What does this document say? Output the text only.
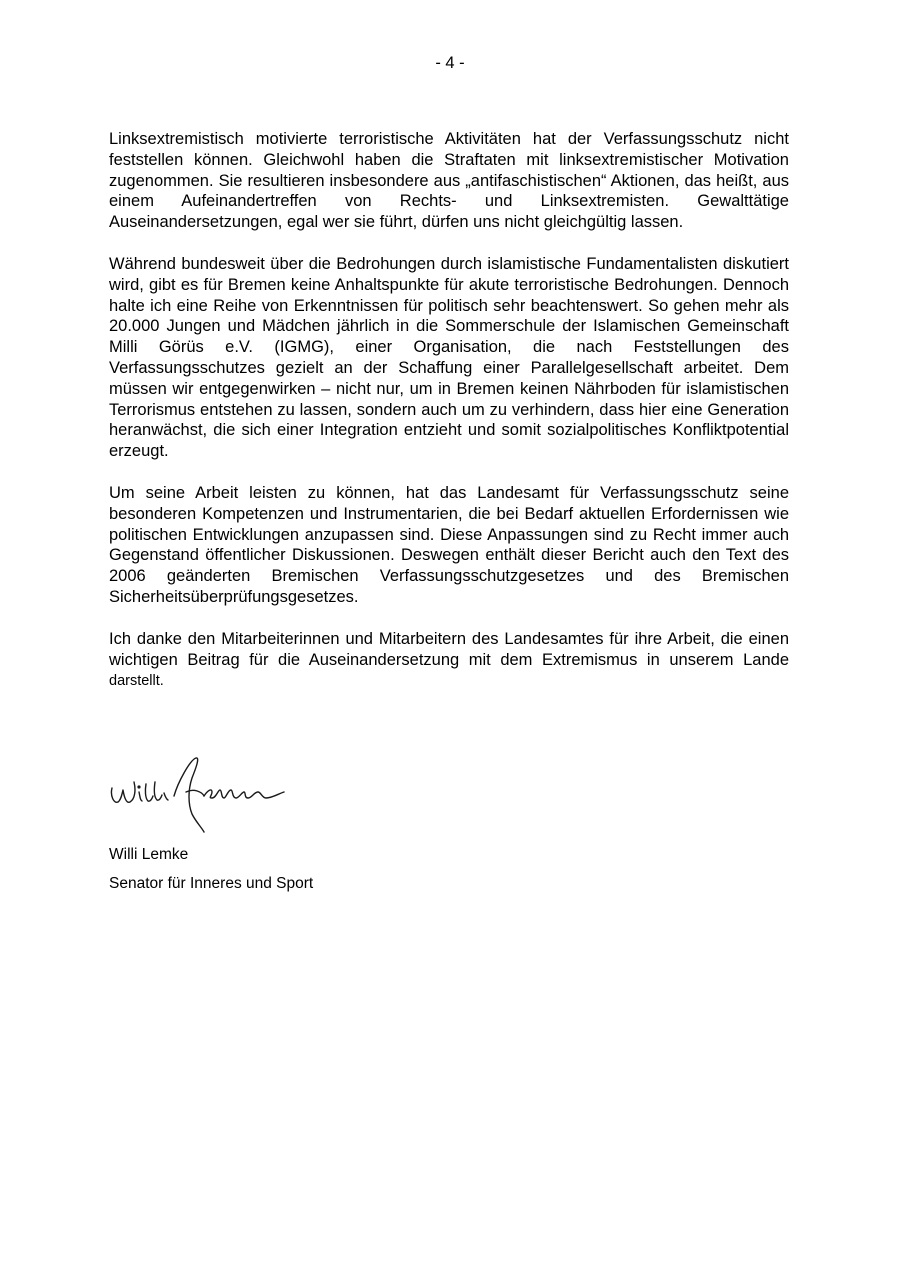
- 4 -

Linksextremistisch motivierte terroristische Aktivitäten hat der Verfassungsschutz nicht feststellen können. Gleichwohl haben die Straftaten mit linksextremistischer Motivation zugenommen. Sie resultieren insbesondere aus „antifaschistischen“ Aktionen, das heißt, aus einem Aufeinandertreffen von Rechts- und Linksextremisten. Gewalttätige Auseinandersetzungen, egal wer sie führt, dürfen uns nicht gleichgültig lassen.

Während bundesweit über die Bedrohungen durch islamistische Fundamentalisten diskutiert wird, gibt es für Bremen keine Anhaltspunkte für akute terroristische Bedrohungen. Dennoch halte ich eine Reihe von Erkenntnissen für politisch sehr beachtenswert. So gehen mehr als 20.000 Jungen und Mädchen jährlich in die Sommerschule der Islamischen Gemeinschaft Milli Görüs e.V. (IGMG), einer Organisation, die nach Feststellungen des Verfassungsschutzes gezielt an der Schaffung einer Parallelgesellschaft arbeitet. Dem müssen wir entgegenwirken – nicht nur, um in Bremen keinen Nährboden für islamistischen Terrorismus entstehen zu lassen, sondern auch um zu verhindern, dass hier eine Generation heranwächst, die sich einer Integration entzieht und somit sozialpolitisches Konfliktpotential erzeugt.

Um seine Arbeit leisten zu können, hat das Landesamt für Verfassungsschutz seine besonderen Kompetenzen und Instrumentarien, die bei Bedarf aktuellen Erfordernissen wie politischen Entwicklungen anzupassen sind. Diese Anpassungen sind zu Recht immer auch Gegenstand öffentlicher Diskussionen. Deswegen enthält dieser Bericht auch den Text des 2006 geänderten Bremischen Verfassungsschutzgesetzes und des Bremischen Sicherheitsüberprüfungsgesetzes.

Ich danke den Mitarbeiterinnen und Mitarbeitern des Landesamtes für ihre Arbeit, die einen wichtigen Beitrag für die Auseinandersetzung mit dem Extremismus in unserem Lande darstellt.

Willi Lemke
Senator für Inneres und Sport
